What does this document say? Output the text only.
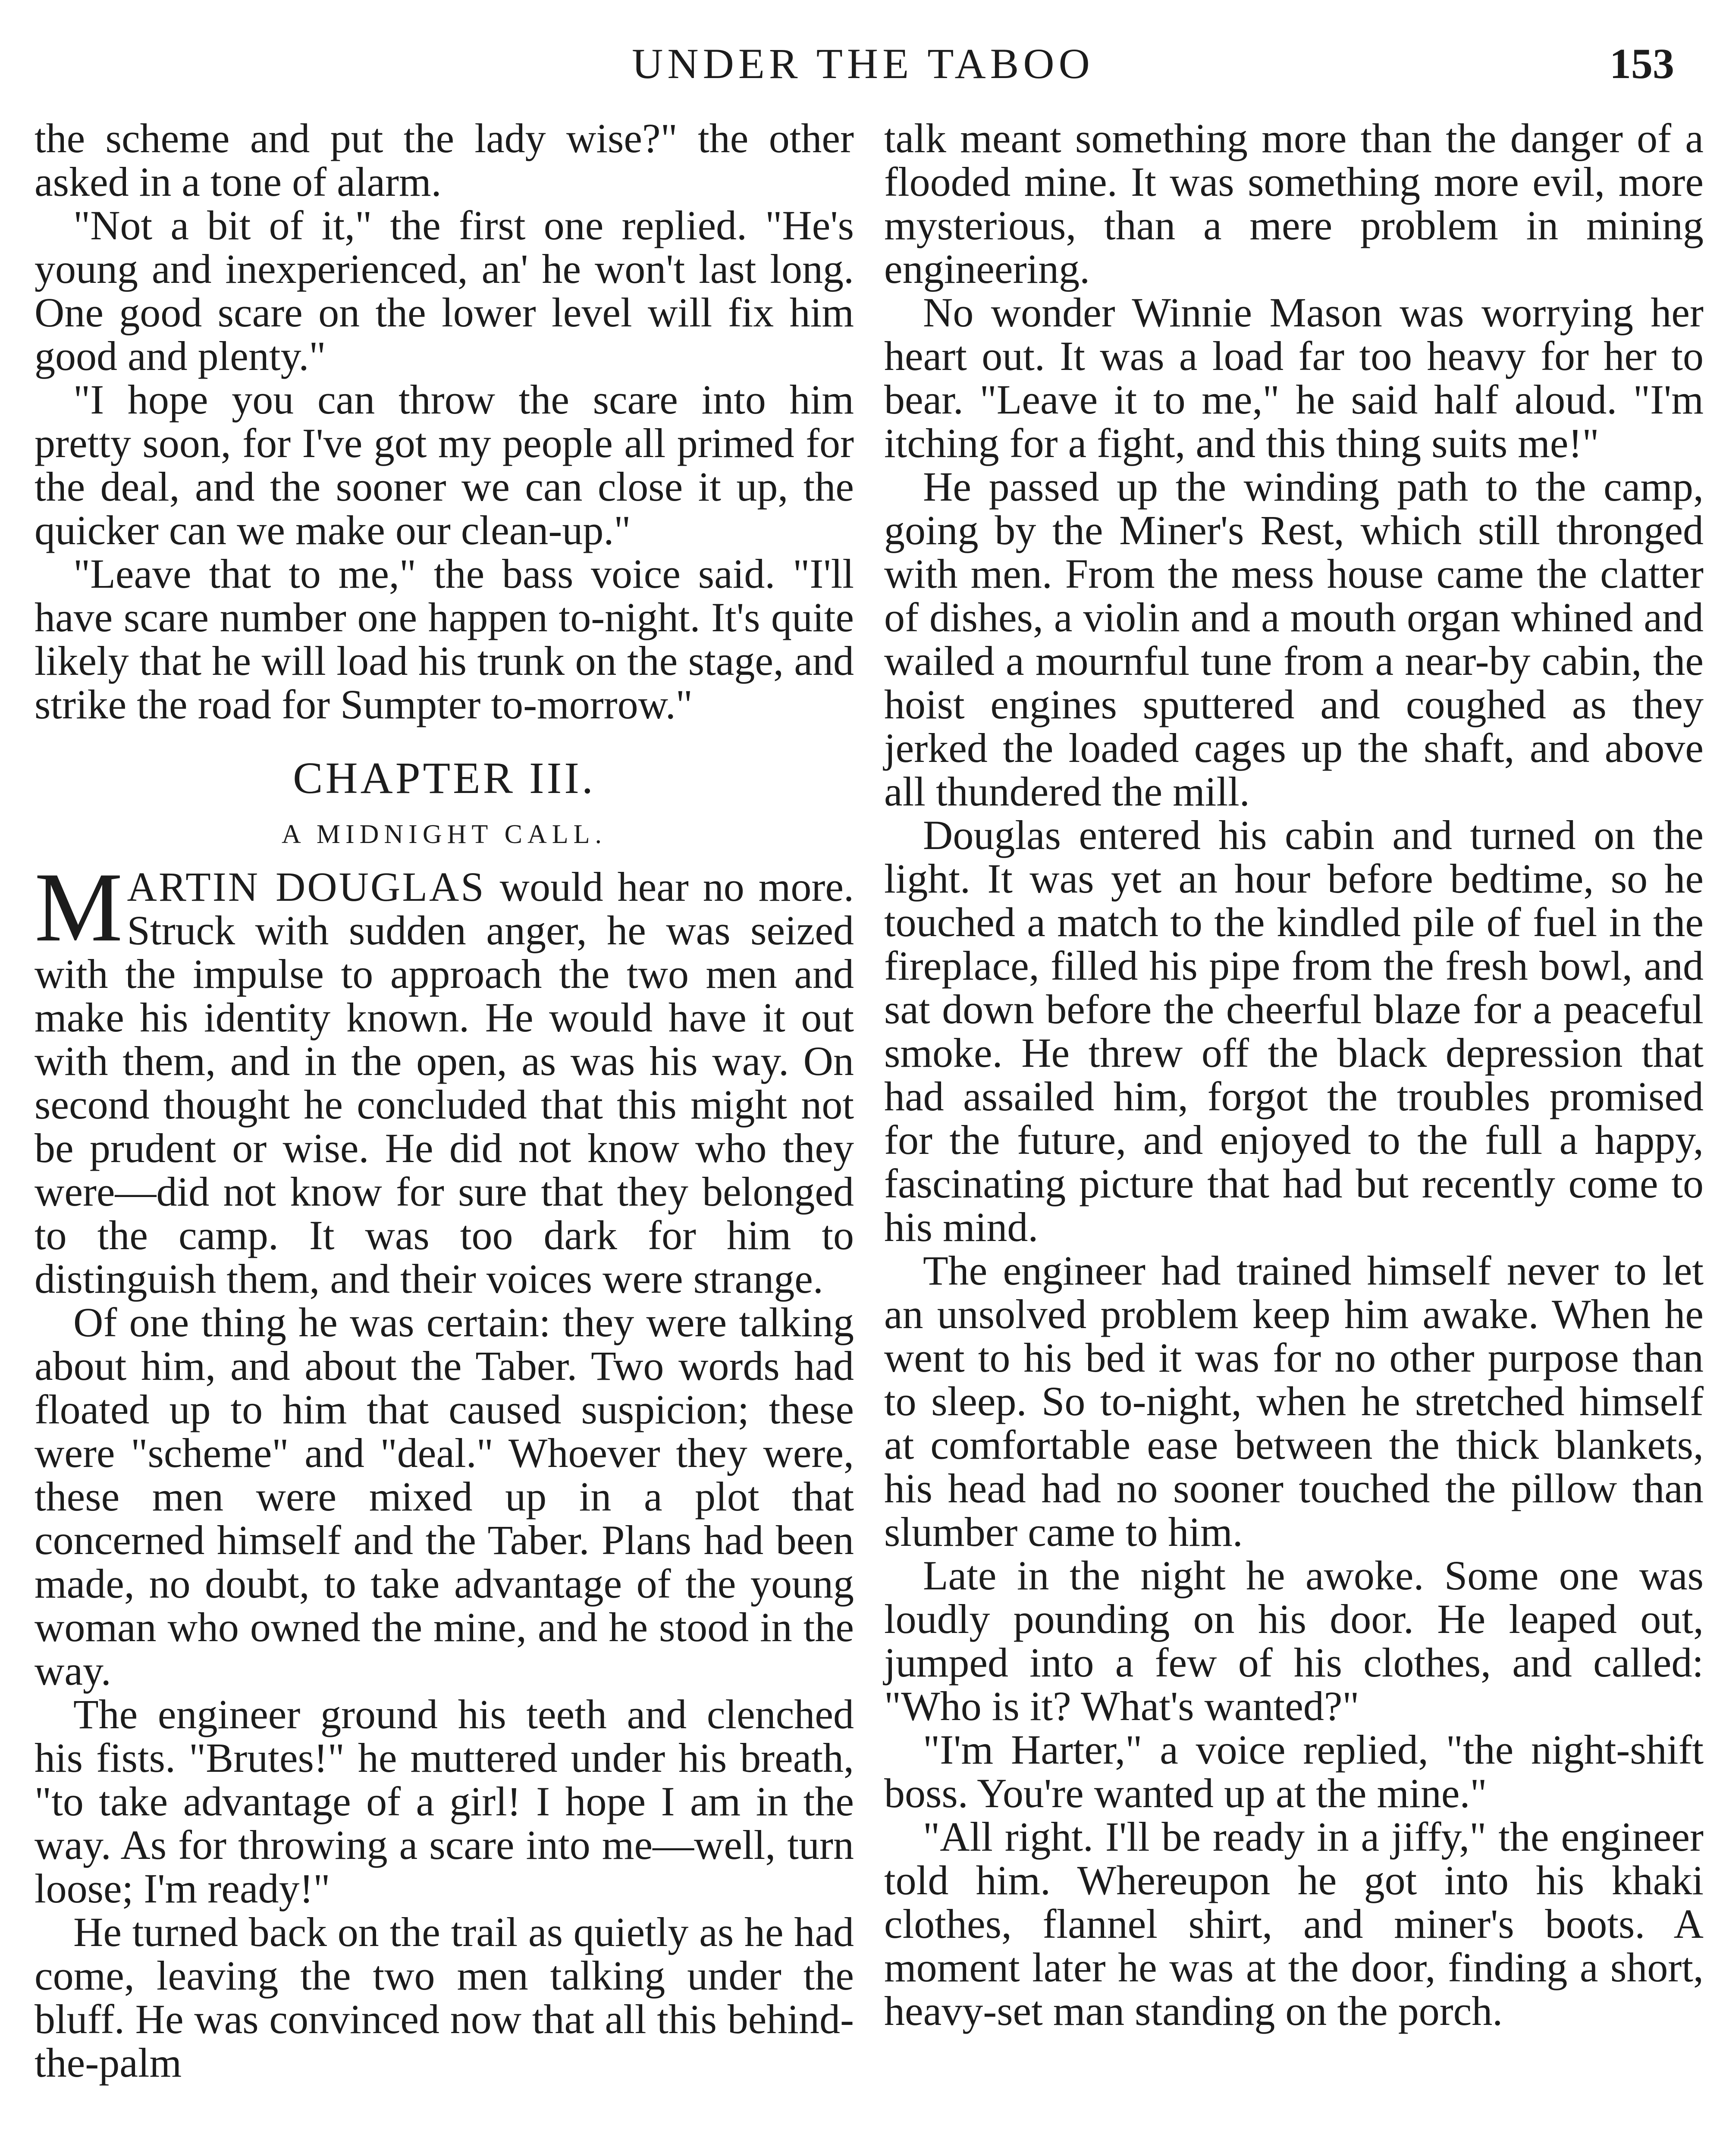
UNDER THE TABOO	153

the scheme and put the lady wise?" the other asked in a tone of alarm.

"Not a bit of it," the first one replied. "He's young and inexperienced, an' he won't last long. One good scare on the lower level will fix him good and plenty."

"I hope you can throw the scare into him pretty soon, for I've got my people all primed for the deal, and the sooner we can close it up, the quicker can we make our clean-up."

"Leave that to me," the bass voice said. "I'll have scare number one happen to-night. It's quite likely that he will load his trunk on the stage, and strike the road for Sumpter to-morrow."

CHAPTER III.
A MIDNIGHT CALL.

MARTIN DOUGLAS would hear no more. Struck with sudden anger, he was seized with the impulse to approach the two men and make his identity known. He would have it out with them, and in the open, as was his way. On second thought he concluded that this might not be prudent or wise. He did not know who they were—did not know for sure that they belonged to the camp. It was too dark for him to distinguish them, and their voices were strange.

Of one thing he was certain: they were talking about him, and about the Taber. Two words had floated up to him that caused suspicion; these were "scheme" and "deal." Whoever they were, these men were mixed up in a plot that concerned himself and the Taber. Plans had been made, no doubt, to take advantage of the young woman who owned the mine, and he stood in the way.

The engineer ground his teeth and clenched his fists. "Brutes!" he muttered under his breath, "to take advantage of a girl! I hope I am in the way. As for throwing a scare into me—well, turn loose; I'm ready!"

He turned back on the trail as quietly as he had come, leaving the two men talking under the bluff. He was convinced now that all this behind-the-palm

talk meant something more than the danger of a flooded mine. It was something more evil, more mysterious, than a mere problem in mining engineering.

No wonder Winnie Mason was worrying her heart out. It was a load far too heavy for her to bear. "Leave it to me," he said half aloud. "I'm itching for a fight, and this thing suits me!"

He passed up the winding path to the camp, going by the Miner's Rest, which still thronged with men. From the mess house came the clatter of dishes, a violin and a mouth organ whined and wailed a mournful tune from a near-by cabin, the hoist engines sputtered and coughed as they jerked the loaded cages up the shaft, and above all thundered the mill.

Douglas entered his cabin and turned on the light. It was yet an hour before bedtime, so he touched a match to the kindled pile of fuel in the fireplace, filled his pipe from the fresh bowl, and sat down before the cheerful blaze for a peaceful smoke. He threw off the black depression that had assailed him, forgot the troubles promised for the future, and enjoyed to the full a happy, fascinating picture that had but recently come to his mind.

The engineer had trained himself never to let an unsolved problem keep him awake. When he went to his bed it was for no other purpose than to sleep. So to-night, when he stretched himself at comfortable ease between the thick blankets, his head had no sooner touched the pillow than slumber came to him.

Late in the night he awoke. Some one was loudly pounding on his door. He leaped out, jumped into a few of his clothes, and called: "Who is it? What's wanted?"

"I'm Harter," a voice replied, "the night-shift boss. You're wanted up at the mine."

"All right. I'll be ready in a jiffy," the engineer told him. Whereupon he got into his khaki clothes, flannel shirt, and miner's boots. A moment later he was at the door, finding a short, heavy-set man standing on the porch.
